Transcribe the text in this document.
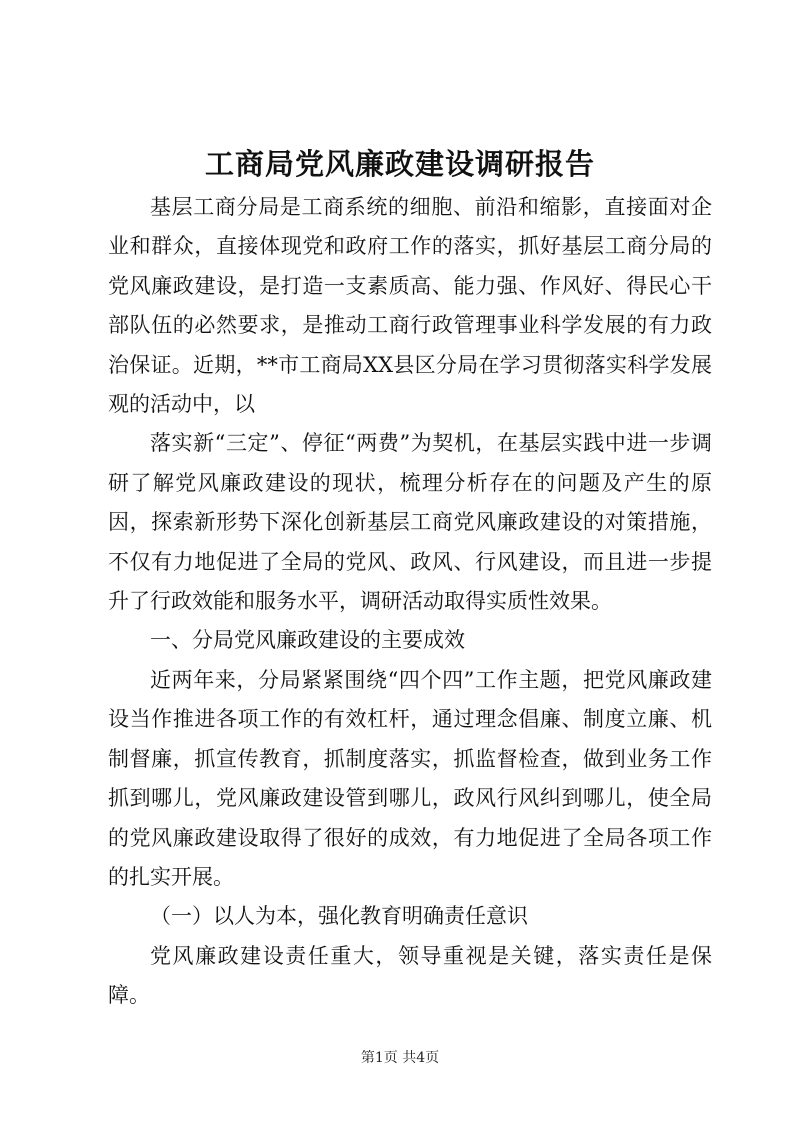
工商局党风廉政建设调研报告

基层工商分局是工商系统的细胞、前沿和缩影，直接面对企业和群众，直接体现党和政府工作的落实，抓好基层工商分局的党风廉政建设，是打造一支素质高、能力强、作风好、得民心干部队伍的必然要求，是推动工商行政管理事业科学发展的有力政治保证。近期，**市工商局XX县区分局在学习贯彻落实科学发展观的活动中，以

落实新“三定”、停征“两费”为契机，在基层实践中进一步调研了解党风廉政建设的现状，梳理分析存在的问题及产生的原因，探索新形势下深化创新基层工商党风廉政建设的对策措施，不仅有力地促进了全局的党风、政风、行风建设，而且进一步提升了行政效能和服务水平，调研活动取得实质性效果。

一、分局党风廉政建设的主要成效

近两年来，分局紧紧围绕“四个四”工作主题，把党风廉政建设当作推进各项工作的有效杠杆，通过理念倡廉、制度立廉、机制督廉，抓宣传教育，抓制度落实，抓监督检查，做到业务工作抓到哪儿，党风廉政建设管到哪儿，政风行风纠到哪儿，使全局的党风廉政建设取得了很好的成效，有力地促进了全局各项工作的扎实开展。

（一）以人为本，强化教育明确责任意识

党风廉政建设责任重大，领导重视是关键，落实责任是保障。

第1页 共4页
